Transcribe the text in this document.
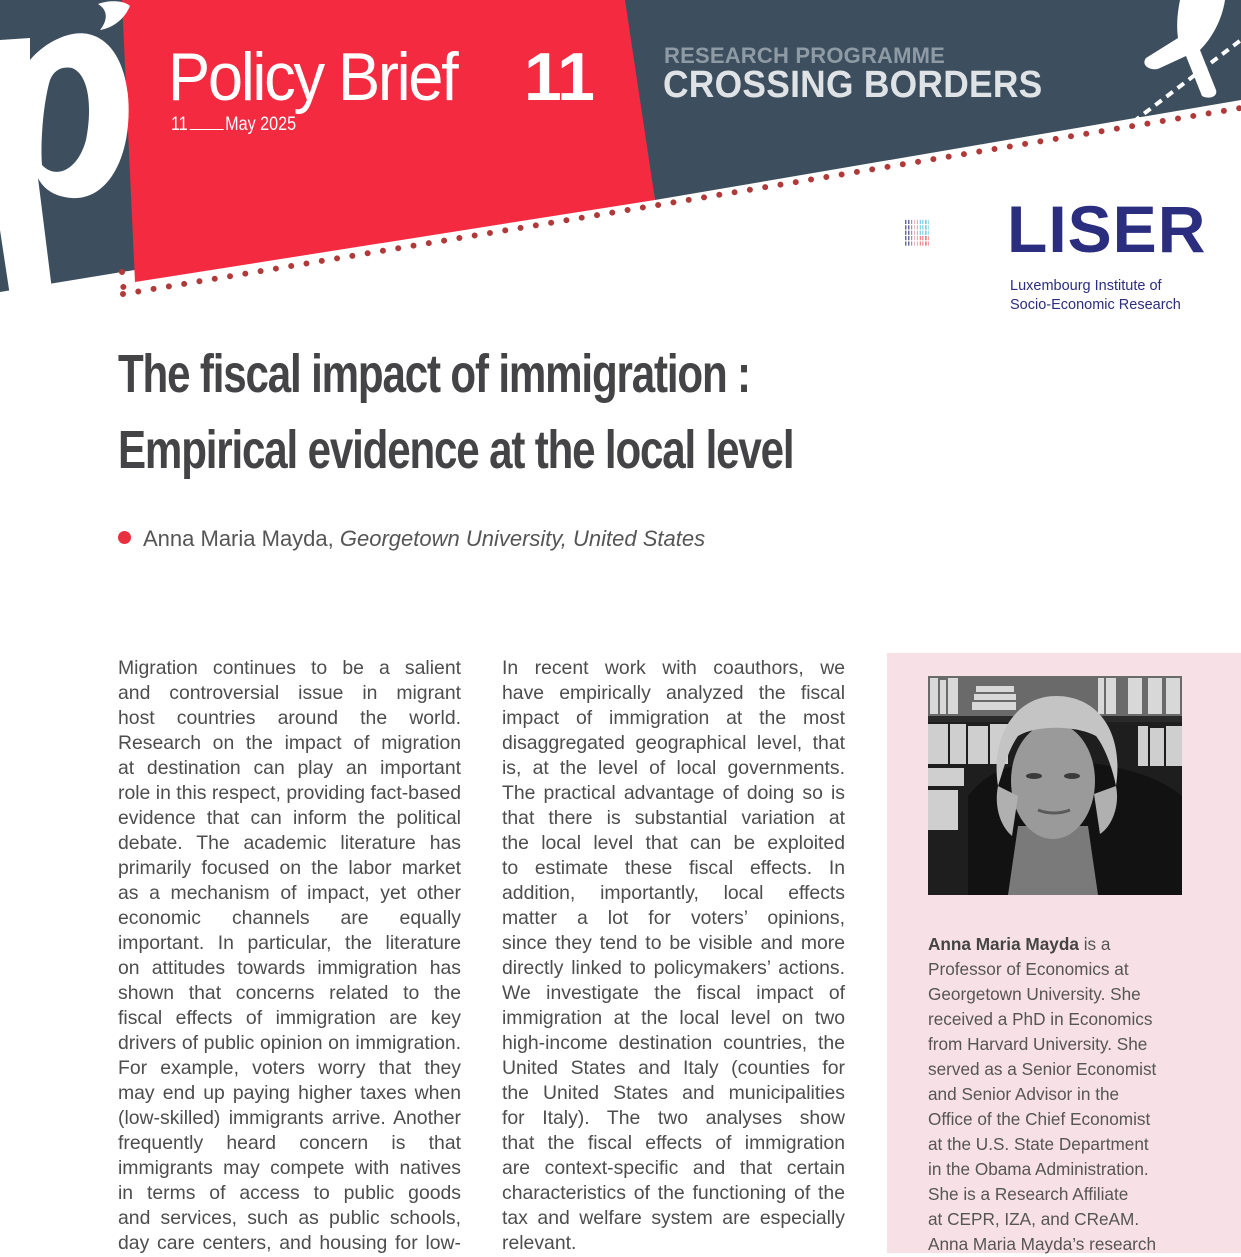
Policy Brief 11
11 May 2025
RESEARCH PROGRAMME
CROSSING BORDERS
LISER
Luxembourg Institute of
Socio-Economic Research
The fiscal impact of immigration :
Empirical evidence at the local level
Anna Maria Mayda, Georgetown University, United States
Migration continues to be a salient
and controversial issue in migrant
host countries around the world.
Research on the impact of migration
at destination can play an important
role in this respect, providing fact-based
evidence that can inform the political
debate. The academic literature has
primarily focused on the labor market
as a mechanism of impact, yet other
economic channels are equally
important. In particular, the literature
on attitudes towards immigration has
shown that concerns related to the
fiscal effects of immigration are key
drivers of public opinion on immigration.
For example, voters worry that they
may end up paying higher taxes when
(low-skilled) immigrants arrive. Another
frequently heard concern is that
immigrants may compete with natives
in terms of access to public goods
and services, such as public schools,
day care centers, and housing for low-
In recent work with coauthors, we
have empirically analyzed the fiscal
impact of immigration at the most
disaggregated geographical level, that
is, at the level of local governments.
The practical advantage of doing so is
that there is substantial variation at
the local level that can be exploited
to estimate these fiscal effects. In
addition, importantly, local effects
matter a lot for voters’ opinions,
since they tend to be visible and more
directly linked to policymakers’ actions.
We investigate the fiscal impact of
immigration at the local level on two
high-income destination countries, the
United States and Italy (counties for
the United States and municipalities
for Italy). The two analyses show
that the fiscal effects of immigration
are context-specific and that certain
characteristics of the functioning of the
tax and welfare system are especially
relevant.
Anna Maria Mayda is a
Professor of Economics at
Georgetown University. She
received a PhD in Economics
from Harvard University. She
served as a Senior Economist
and Senior Advisor in the
Office of the Chief Economist
at the U.S. State Department
in the Obama Administration.
She is a Research Affiliate
at CEPR, IZA, and CReAM.
Anna Maria Mayda’s research
